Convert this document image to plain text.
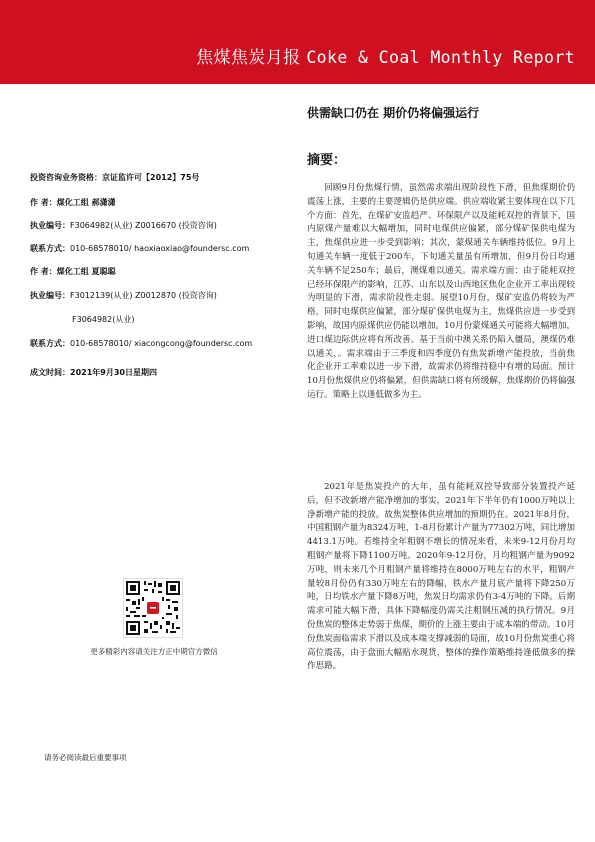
焦煤焦炭月报 Coke & Coal Monthly Report
投资咨询业务资格：京证监许可【2012】75号
作 者：煤化工组 郝潇潇
执业编号：F3064982(从业) Z0016670 (投资咨询)
联系方式：010-68578010/ haoxiaoxiao@foundersc.com
作 者：煤化工组 夏聪聪
执业编号：F3012139(从业) Z0012870 (投资咨询)
F3064982(从业)
联系方式：010-68578010/ xiacongcong@foundersc.com
成文时间：2021年9月30日星期四
更多精彩内容请关注方正中期官方微信
请务必阅读最后重要事项
供需缺口仍在 期价仍将偏强运行
摘要：
回顾9月份焦煤行情，虽然需求端出现阶段性下滑，但焦煤期价仍震荡上涨，主要的主要逻辑仍是供应端。供应端收紧主要体现在以下几个方面：首先，在煤矿安监趋严、环保限产以及能耗双控的背景下，国内原煤产量难以大幅增加，同时电煤供应偏紧，部分煤矿保供电煤为主，焦煤供应进一步受到影响；其次，蒙煤通关车辆维持低位。9月上旬通关车辆一度低于200车，下旬通关量虽有所增加，但9月份日均通关车辆不足250车；最后，澳煤难以通关。需求端方面：由于能耗双控已经环保限产的影响，江苏、山东以及山西地区焦化企业开工率出现较为明显的下滑，需求阶段性走弱。展望10月份，煤矿安监仍将较为严格，同时电煤供应偏紧，部分煤矿保供电煤为主，焦煤供应进一步受到影响，故国内原煤供应仍能以增加。10月份蒙煤通关可能将大幅增加，进口煤边际供应将有所改善。基于当前中澳关系仍陷入僵局，澳煤仍难以通关，。需求端由于三季度和四季度仍有焦炭新增产能投放，当前焦化企业开工率难以进一步下滑，故需求仍将维持稳中有增的局面。预计10月份焦煤供应仍将偏紧，但供需缺口将有所缓解，焦煤期价仍将偏强运行。策略上以逢低做多为主。
2021年是焦炭投产的大年，虽有能耗双控导致部分装置投产延后，但不改新增产能净增加的事实，2021年下半年仍有1000万吨以上净新增产能的投放。故焦炭整体供应增加的预期仍在。2021年8月份，中国粗钢产量为8324万吨，1-8月份累计产量为77302万吨，同比增加4413.1万吨。若维持全年粗钢不增长的情况来看，未来9-12月份月均粗钢产量将下降1100万吨。2020年9-12月份，月均粗钢产量为9092万吨，则未来几个月粗钢产量将维持在8000万吨左右的水平，粗钢产量较8月份仍有330万吨左右的降幅，铁水产量月底产量将下降250万吨，日均铁水产量下降8万吨，焦炭日均需求仍有3-4万吨的下降。后期需求可能大幅下滑，具体下降幅度仍需关注粗钢压减的执行情况。9月份焦炭的整体走势弱于焦煤，期价的上涨主要由于成本端的带动。10月份焦炭面临需求下滑以及成本端支撑减弱的局面，故10月份焦炭重心将高位震荡，由于盘面大幅贴水现货，整体的操作策略维持逢低做多的操作思路。
